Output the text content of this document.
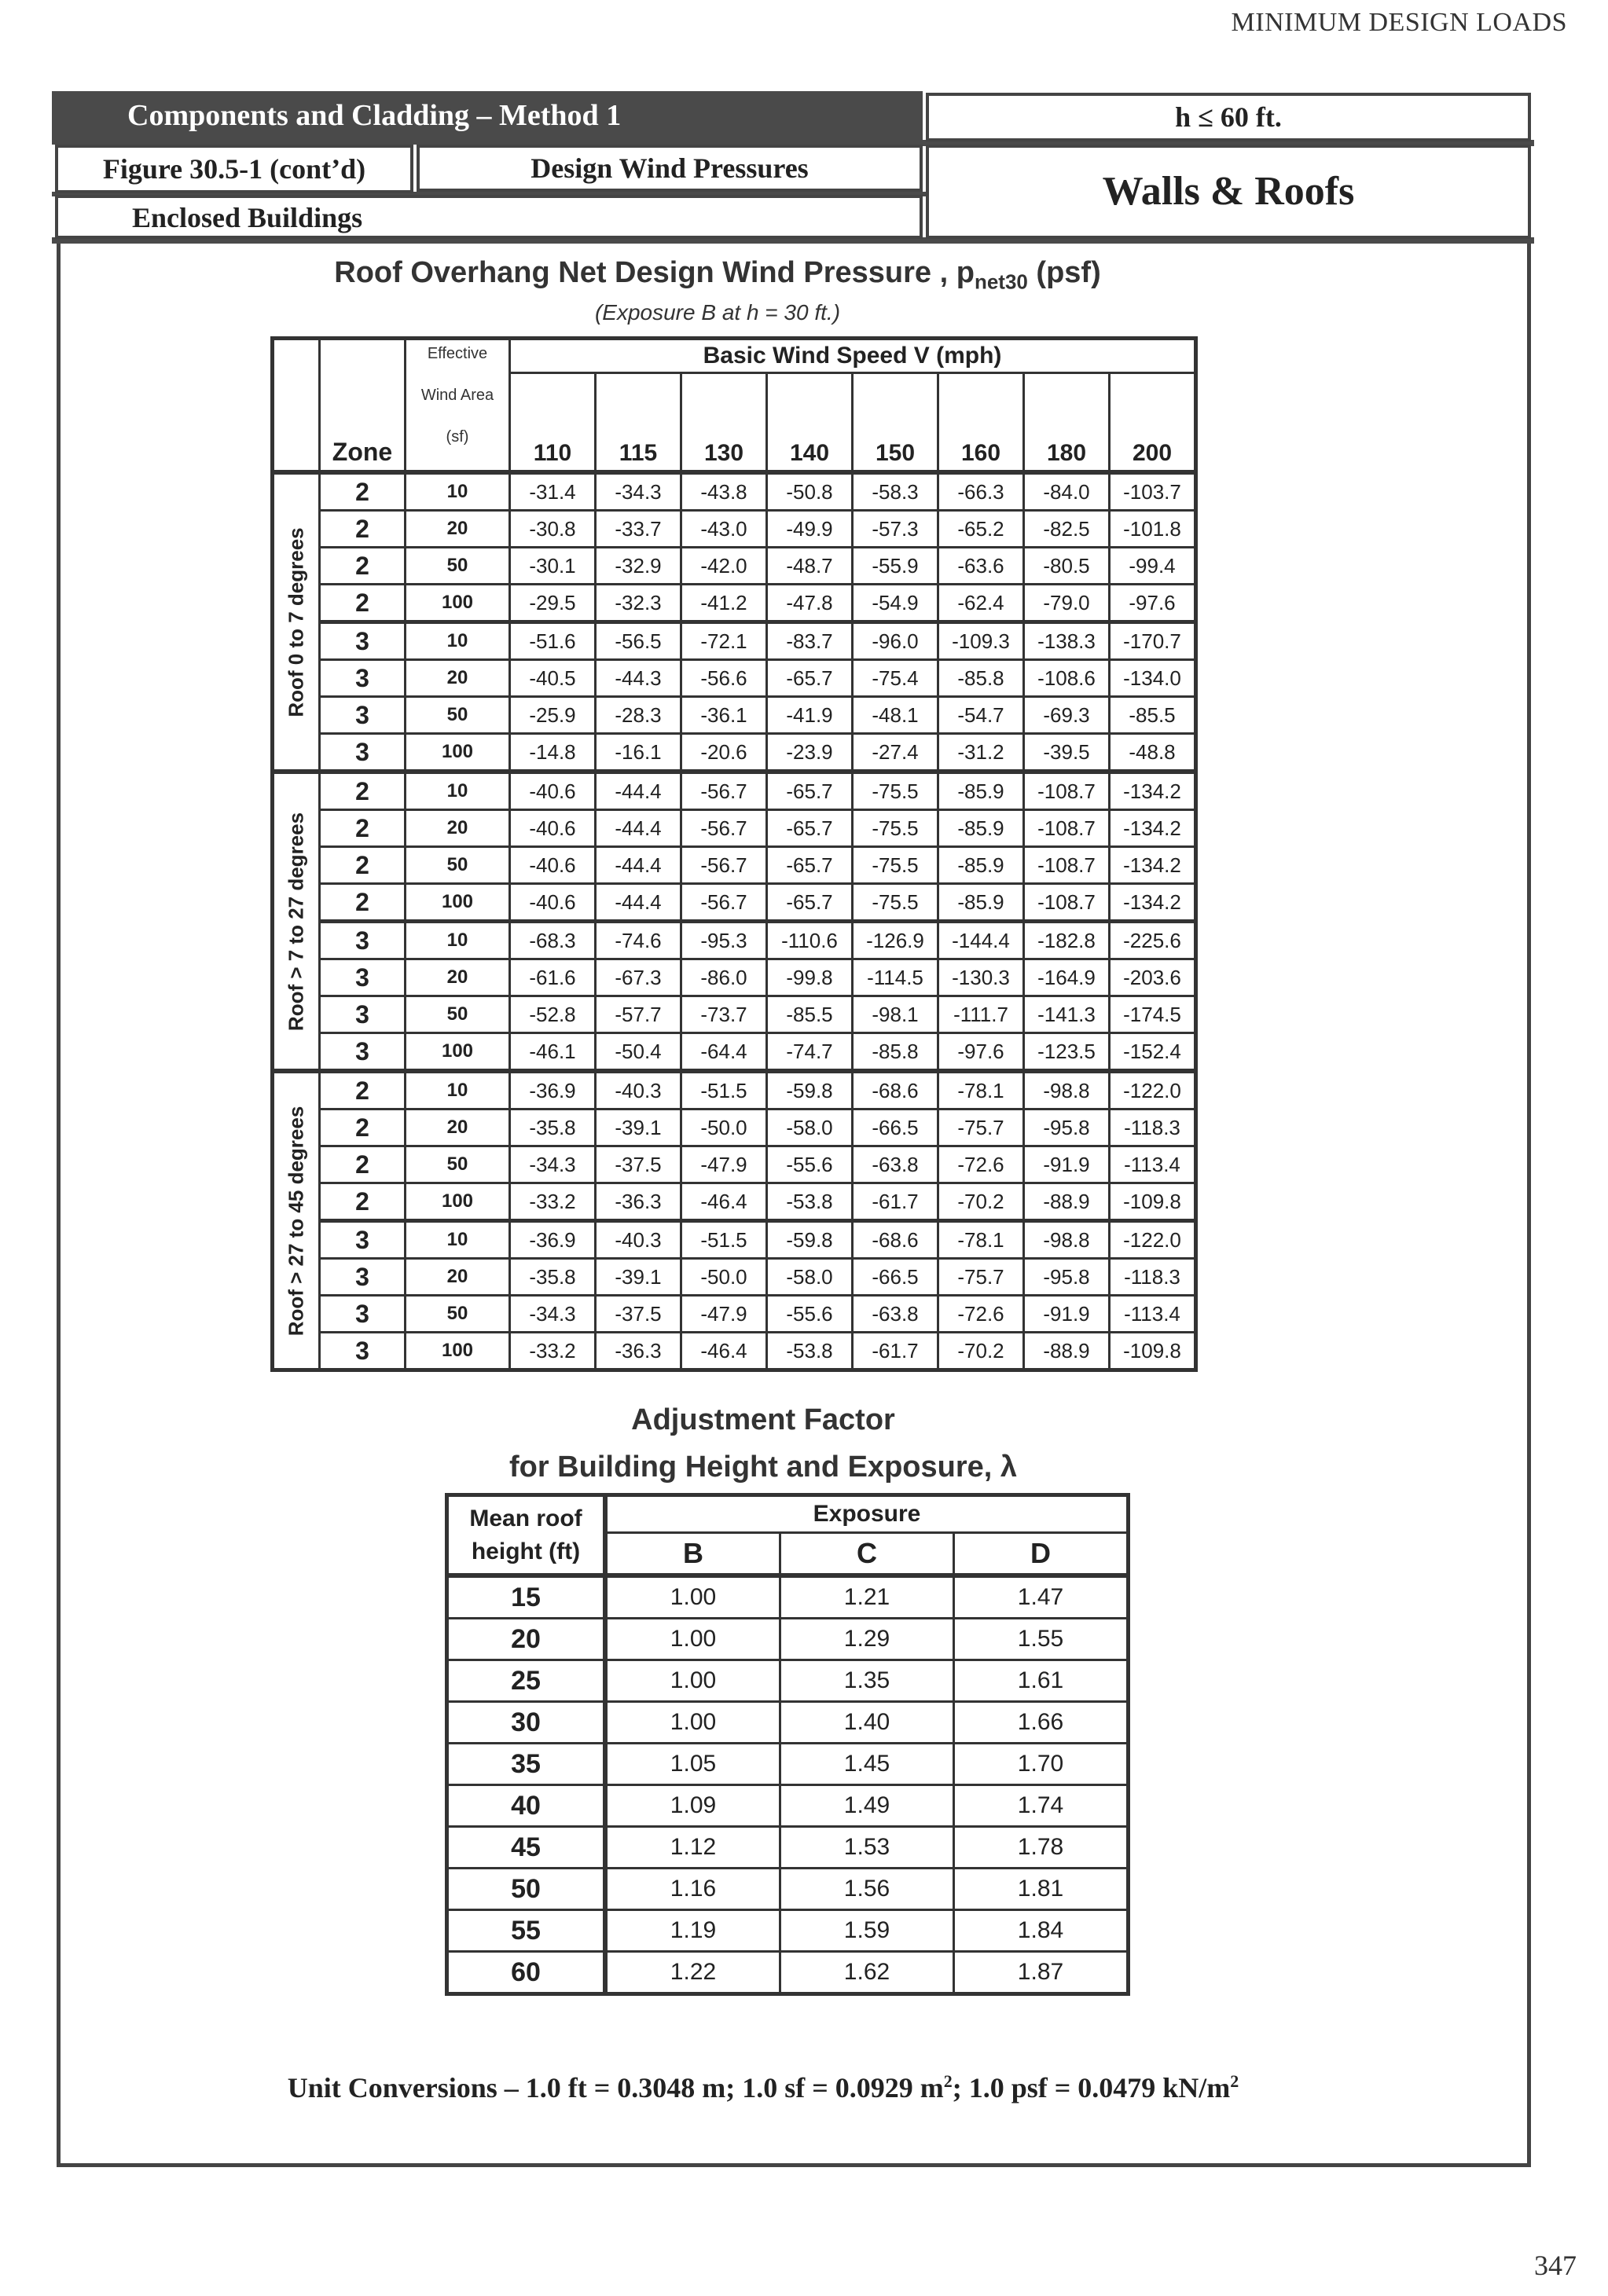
MINIMUM DESIGN LOADS
Components and Cladding – Method 1	h ≤ 60 ft.
Figure 30.5-1 (cont’d)	Design Wind Pressures
Enclosed Buildings
Walls & Roofs
Roof Overhang Net Design Wind Pressure , $p_{net30}$ (psf)
(Exposure B at h = 30 ft.)
	Zone	Effective
Wind Area
(sf)	Basic Wind Speed V (mph)							
			110	115	130	140	150	160	180	200

Roof 0 to 7 degrees	2	10	-31.4	-34.3	-43.8	-50.8	-58.3	-66.3	-84.0	-103.7
	2	20	-30.8	-33.7	-43.0	-49.9	-57.3	-65.2	-82.5	-101.8
	2	50	-30.1	-32.9	-42.0	-48.7	-55.9	-63.6	-80.5	-99.4
	2	100	-29.5	-32.3	-41.2	-47.8	-54.9	-62.4	-79.0	-97.6
	3	10	-51.6	-56.5	-72.1	-83.7	-96.0	-109.3	-138.3	-170.7
	3	20	-40.5	-44.3	-56.6	-65.7	-75.4	-85.8	-108.6	-134.0
	3	50	-25.9	-28.3	-36.1	-41.9	-48.1	-54.7	-69.3	-85.5
	3	100	-14.8	-16.1	-20.6	-23.9	-27.4	-31.2	-39.5	-48.8

Roof > 7 to 27 degrees	2	10	-40.6	-44.4	-56.7	-65.7	-75.5	-85.9	-108.7	-134.2
	2	20	-40.6	-44.4	-56.7	-65.7	-75.5	-85.9	-108.7	-134.2
	2	50	-40.6	-44.4	-56.7	-65.7	-75.5	-85.9	-108.7	-134.2
	2	100	-40.6	-44.4	-56.7	-65.7	-75.5	-85.9	-108.7	-134.2
	3	10	-68.3	-74.6	-95.3	-110.6	-126.9	-144.4	-182.8	-225.6
	3	20	-61.6	-67.3	-86.0	-99.8	-114.5	-130.3	-164.9	-203.6
	3	50	-52.8	-57.7	-73.7	-85.5	-98.1	-111.7	-141.3	-174.5
	3	100	-46.1	-50.4	-64.4	-74.7	-85.8	-97.6	-123.5	-152.4

Roof > 27 to 45 degrees	2	10	-36.9	-40.3	-51.5	-59.8	-68.6	-78.1	-98.8	-122.0
	2	20	-35.8	-39.1	-50.0	-58.0	-66.5	-75.7	-95.8	-118.3
	2	50	-34.3	-37.5	-47.9	-55.6	-63.8	-72.6	-91.9	-113.4
	2	100	-33.2	-36.3	-46.4	-53.8	-61.7	-70.2	-88.9	-109.8
	3	10	-36.9	-40.3	-51.5	-59.8	-68.6	-78.1	-98.8	-122.0
	3	20	-35.8	-39.1	-50.0	-58.0	-66.5	-75.7	-95.8	-118.3
	3	50	-34.3	-37.5	-47.9	-55.6	-63.8	-72.6	-91.9	-113.4
	3	100	-33.2	-36.3	-46.4	-53.8	-61.7	-70.2	-88.9	-109.8
Adjustment Factor
for Building Height and Exposure, λ
Mean roof height (ft)	Exposure		
	B	C	D
15	1.00	1.21	1.47
20	1.00	1.29	1.55
25	1.00	1.35	1.61
30	1.00	1.40	1.66
35	1.05	1.45	1.70
40	1.09	1.49	1.74
45	1.12	1.53	1.78
50	1.16	1.56	1.81
55	1.19	1.59	1.84
60	1.22	1.62	1.87
Unit Conversions – 1.0 ft = 0.3048 m; 1.0 sf = 0.0929 $m^2$; 1.0 psf = 0.0479 $kN/m^2$
347
